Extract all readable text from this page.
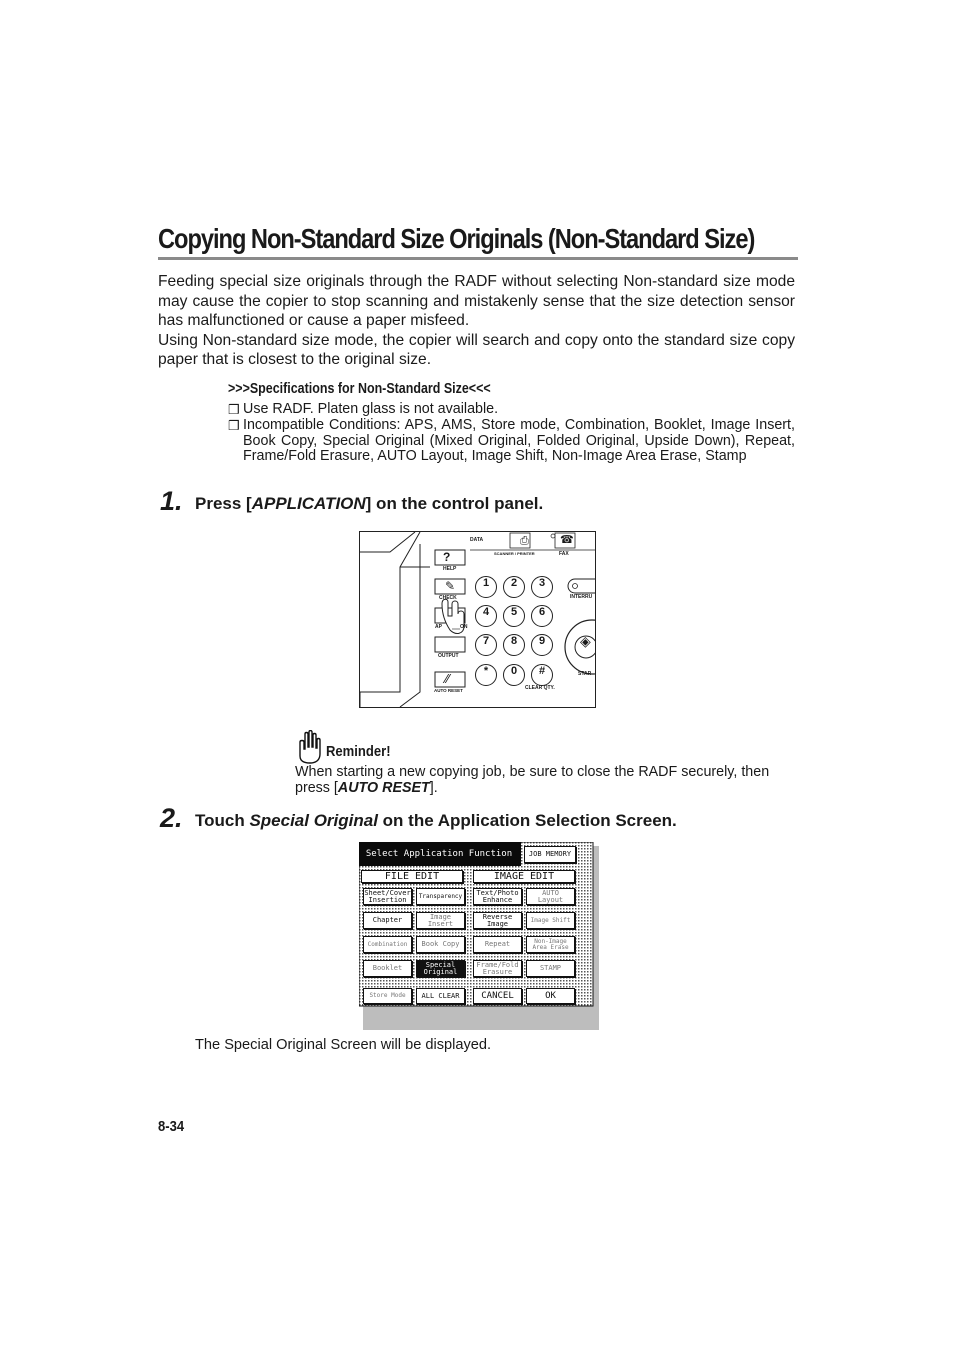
Copying Non-Standard Size Originals (Non-Standard Size)

Feeding special size originals through the RADF without selecting Non-standard size mode may cause the copier to stop scanning and mistakenly sense that the size detection sensor has malfunctioned or cause a paper misfeed.

Using Non-standard size mode, the copier will search and copy onto the standard size copy paper that is closest to the original size.

>>>Specifications for Non-Standard Size<<<
❒ Use RADF. Platen glass is not available.
❒ Incompatible Conditions: APS, AMS, Store mode, Combination, Booklet, Image Insert, Book Copy, Special Original (Mixed Original, Folded Original, Upside Down), Repeat, Frame/Fold Erasure, AUTO Layout, Image Shift, Non-Image Area Erase, Stamp
1. Press [APPLICATION] on the control panel.
1	2	3
4	5	6
7	8	9
*	0	#
?
✎
⁄⁄
⎙	☎
◈
DATA
SCANNER / PRINTER	FAX
HELP
CHECK
AP	ON
OUTPUT
AUTO RESET
INTERRU
STAR
CLEAR QTY.
Reminder!
When starting a new copying job, be sure to close the RADF securely, then press [AUTO RESET].
2. Touch Special Original on the Application Selection Screen.
Select Application Function JOB MEMORY
FILE EDIT	IMAGE EDIT
Sheet/Cover
Insertion Transparency Text/Photo
Enhance
AUTO
Layout
Chapter	Image
Insert
Reverse
Image	Image Shift
Combination Book Copy	Repeat	Non-Image
Area Erase
Booklet	Special
Original
Frame/Fold
Erasure	STAMP
Store Mode ALL CLEAR CANCEL	OK
The Special Original Screen will be displayed.
8-34
